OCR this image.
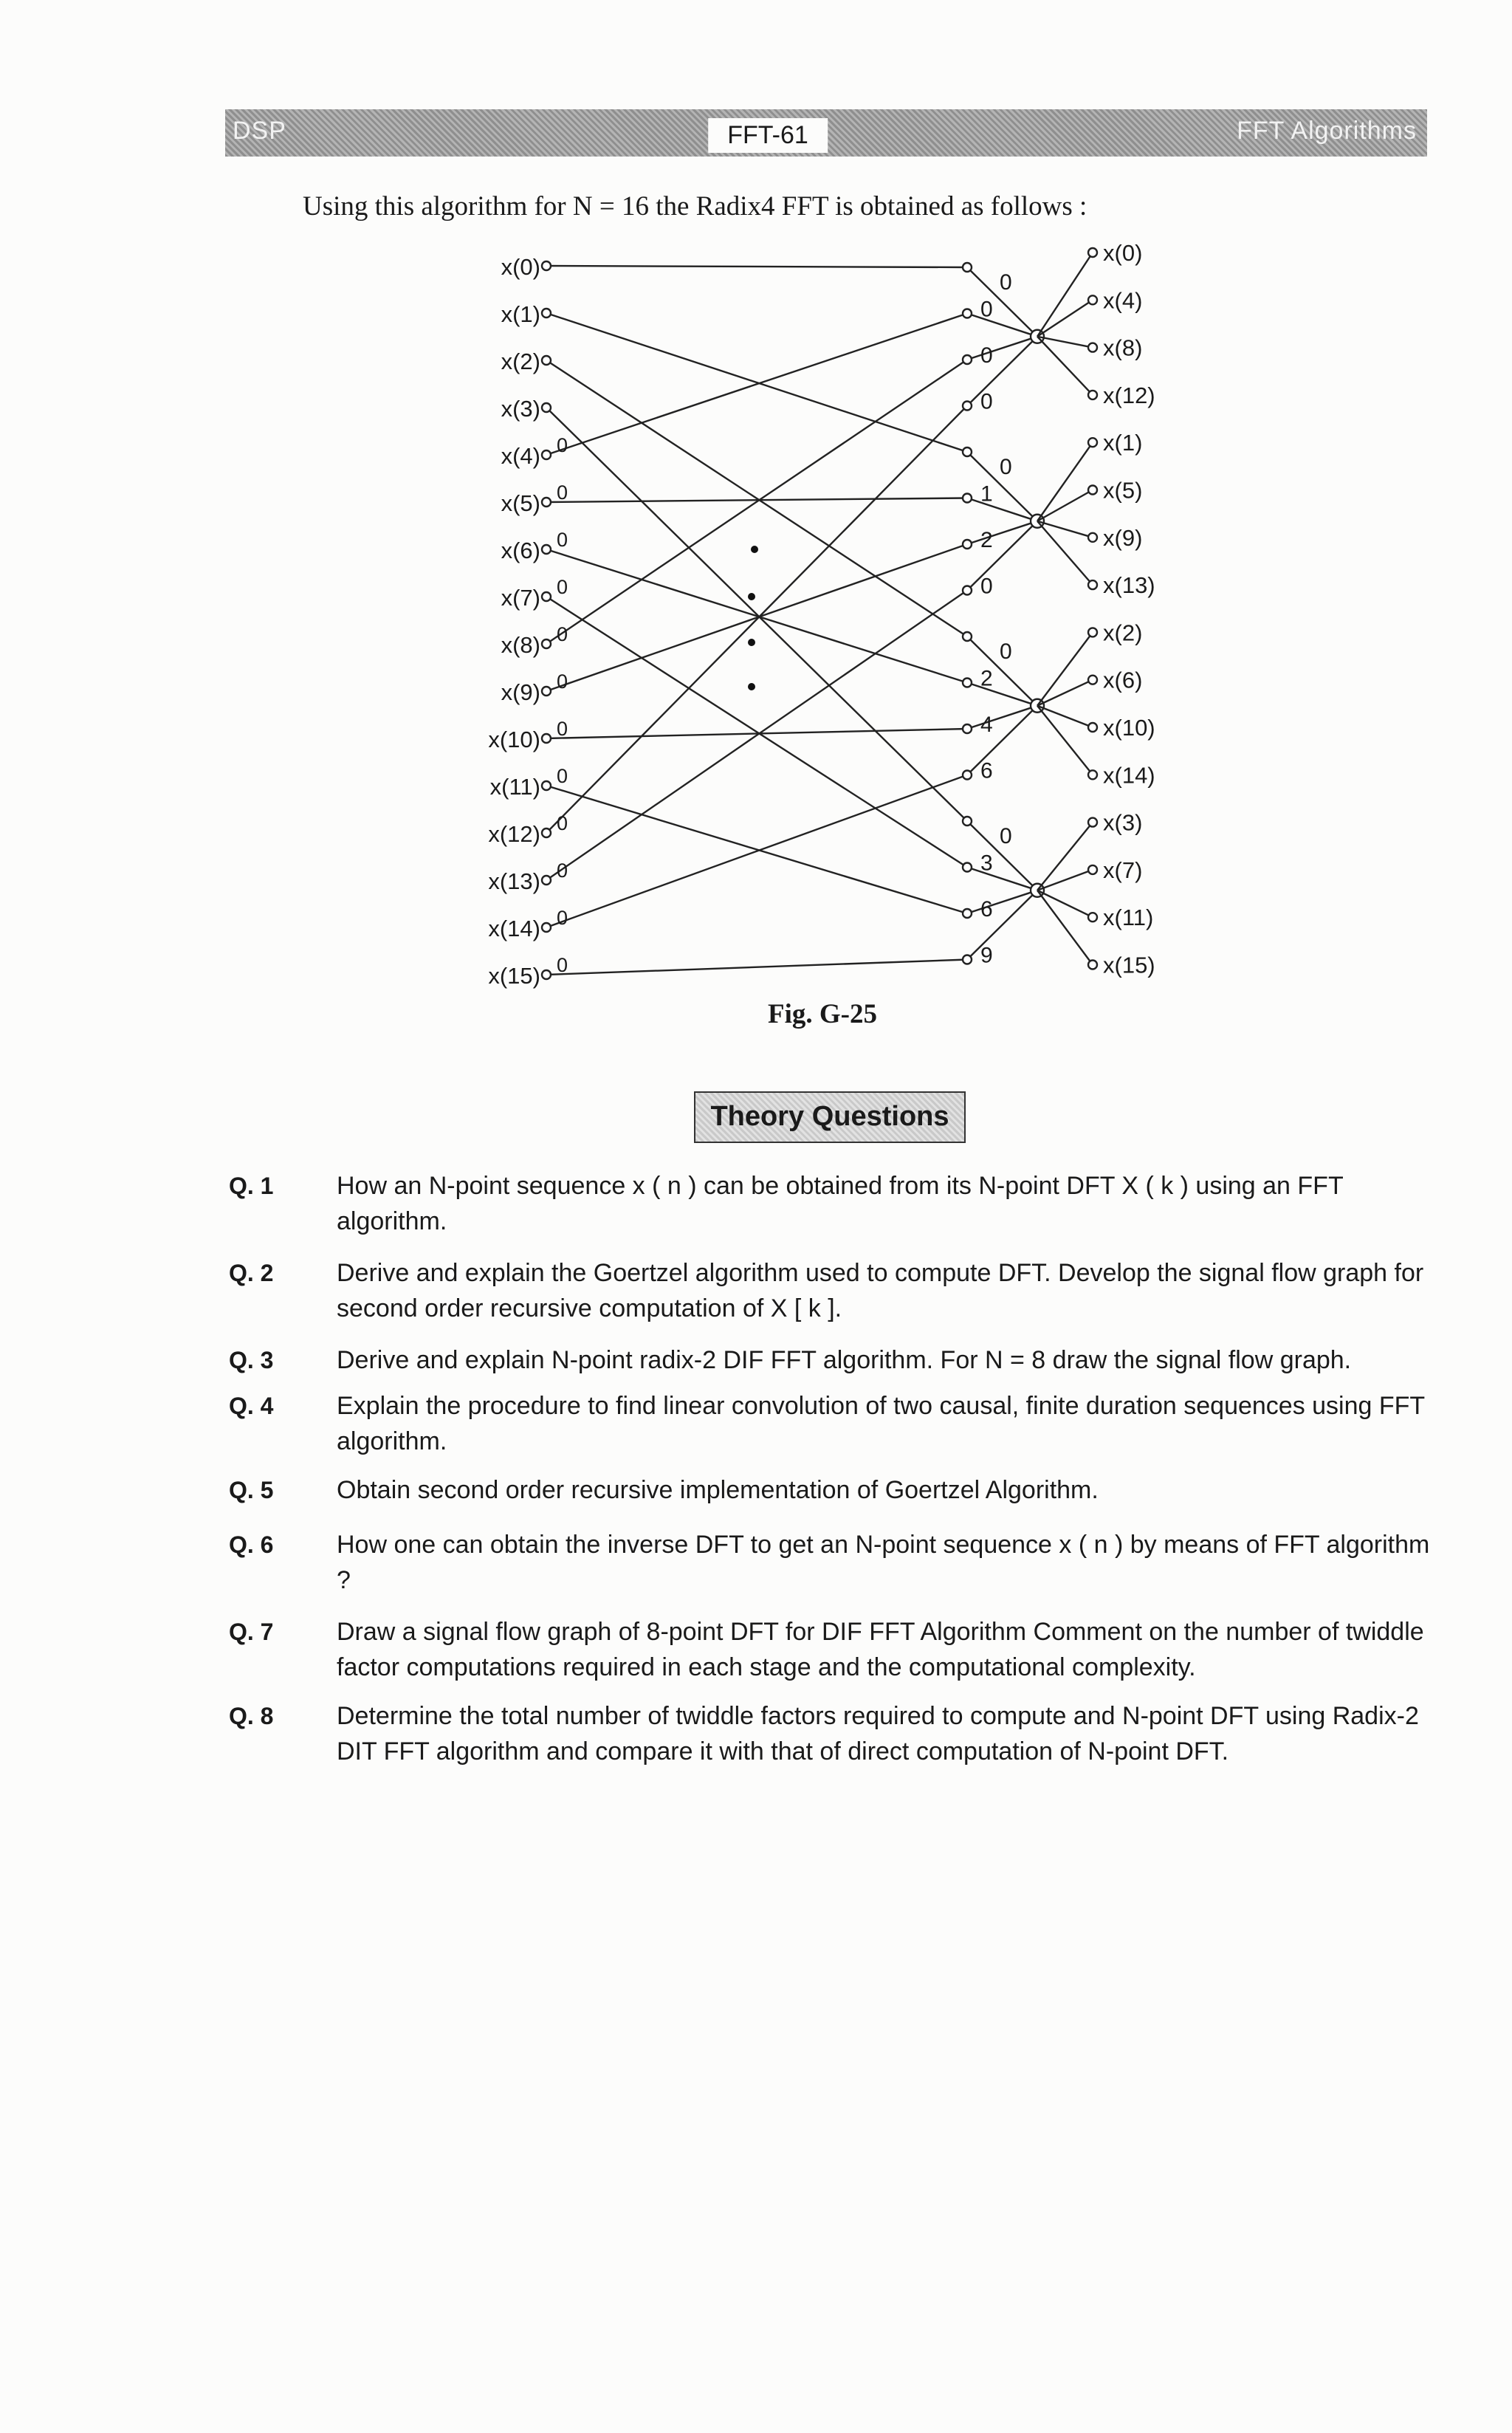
DSP	FFT Algorithms
FFT-61
Using this algorithm for N = 16 the Radix4 FFT is obtained as follows :
x(0)
x(1)
x(2)
x(3)
x(4)
x(5)
x(6)
x(7)
x(8)
x(9)
x(10)
x(11)
x(12)
x(13)
x(14)
x(15)
0
0
0
0
0
0
0
0
0
0
0
0
0
0
0
0
x(0)
x(4)
x(8)
x(12)
0
1
2
0
x(1)
x(5)
x(9)
x(13)
0
2
4
6
x(2)
x(6)
x(10)
x(14)
0
3
6
9
x(3)
x(7)
x(11)
x(15)
Fig. G-25
Theory Questions
Q. 1	How an N-point sequence x ( n ) can be obtained from its N-point DFT X ( k ) using an FFT algorithm.
Q. 2	Derive and explain the Goertzel algorithm used to compute DFT. Develop the signal flow graph for second order recursive computation of X [ k ].
Q. 3	Derive and explain N-point radix-2 DIF FFT algorithm. For N = 8 draw the signal flow graph.
Q. 4	Explain the procedure to find linear convolution of two causal, finite duration sequences using FFT algorithm.
Q. 5	Obtain second order recursive implementation of Goertzel Algorithm.
Q. 6	How one can obtain the inverse DFT to get an N-point sequence x ( n ) by means of FFT algorithm ?
Q. 7	Draw a signal flow graph of 8-point DFT for DIF FFT Algorithm Comment on the number of twiddle factor computations required in each stage and the computational complexity.
Q. 8	Determine the total number of twiddle factors required to compute and N-point DFT using Radix-2 DIT FFT algorithm and compare it with that of direct computation of N-point DFT.
